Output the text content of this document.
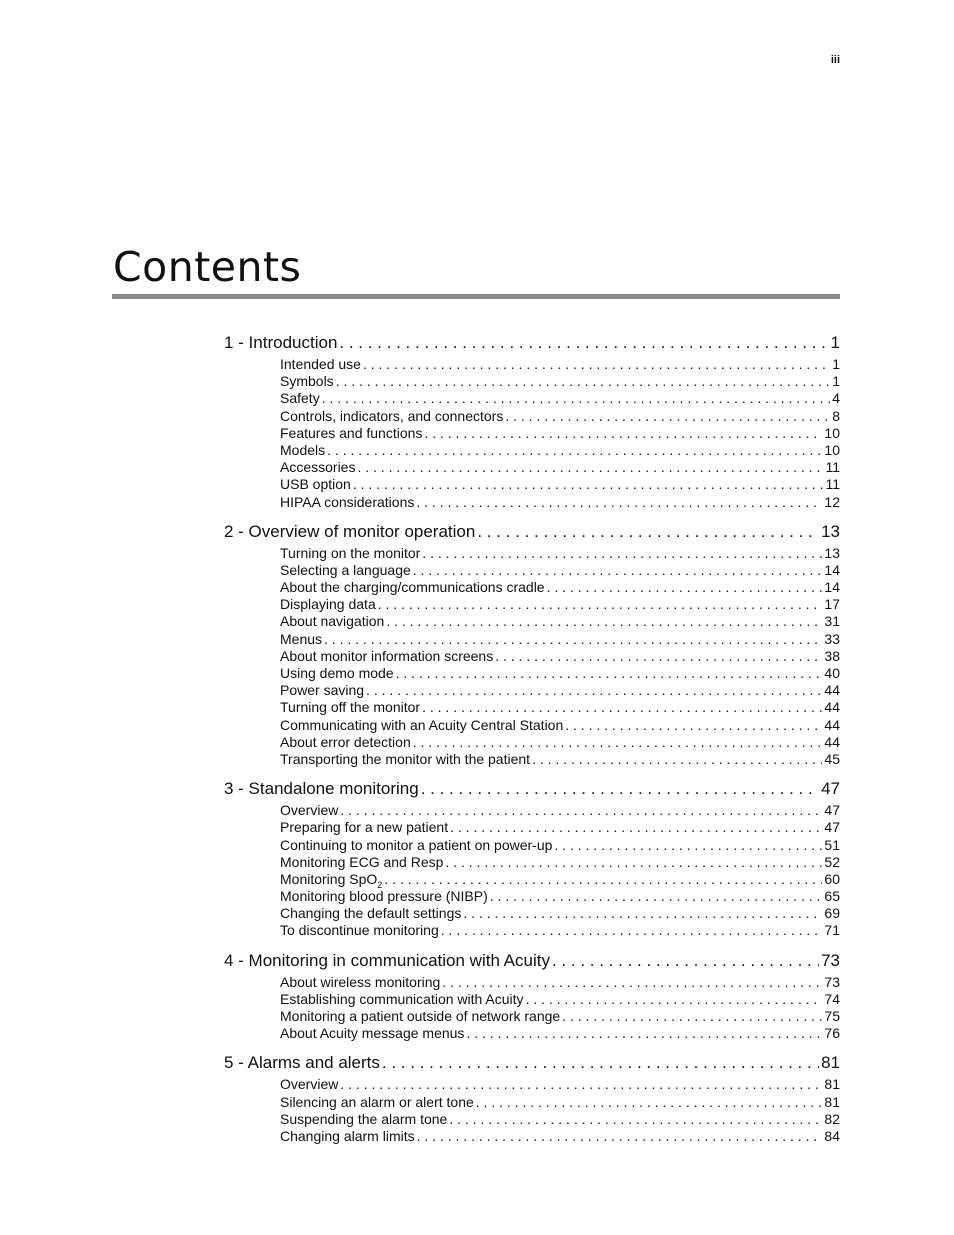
iii
Contents
1 - Introduction . . .	1
Intended use . . .	1
Symbols . . .	1
Safety . . .	4
Controls, indicators, and connectors . . .	8
Features and functions . . .	10
Models . . .	10
Accessories . . .	11
USB option . . .	11
HIPAA considerations . . .	12
2 - Overview of monitor operation . . .	13
Turning on the monitor . . .	13
Selecting a language . . .	14
About the charging/communications cradle . . .	14
Displaying data . . .	17
About navigation . . .	31
Menus . . .	33
About monitor information screens . . .	38
Using demo mode . . .	40
Power saving . . .	44
Turning off the monitor . . .	44
Communicating with an Acuity Central Station . . .	44
About error detection . . .	44
Transporting the monitor with the patient . . .	45
3 - Standalone monitoring . . .	47
Overview . . .	47
Preparing for a new patient . . .	47
Continuing to monitor a patient on power-up . . .	51
Monitoring ECG and Resp . . .	52
Monitoring SpO$_2$ . . .	60
Monitoring blood pressure (NIBP) . . .	65
Changing the default settings . . .	69
To discontinue monitoring . . .	71
4 - Monitoring in communication with Acuity . . .	73
About wireless monitoring . . .	73
Establishing communication with Acuity . . .	74
Monitoring a patient outside of network range . . .	75
About Acuity message menus . . .	76
5 - Alarms and alerts . . .	81
Overview . . .	81
Silencing an alarm or alert tone . . .	81
Suspending the alarm tone . . .	82
Changing alarm limits . . .	84
